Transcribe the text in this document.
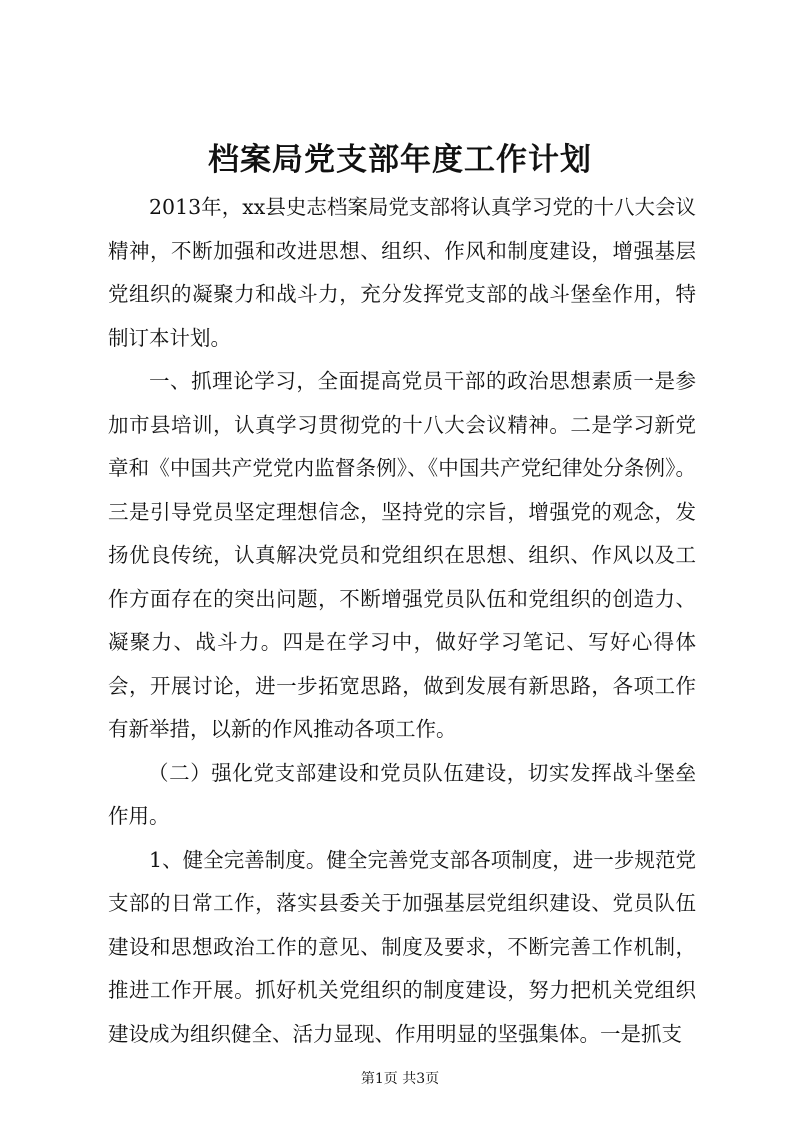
档案局党支部年度工作计划

2013年，xx县史志档案局党支部将认真学习党的十八大会议精神，不断加强和改进思想、组织、作风和制度建设，增强基层党组织的凝聚力和战斗力，充分发挥党支部的战斗堡垒作用，特制订本计划。

一、抓理论学习，全面提高党员干部的政治思想素质一是参加市县培训，认真学习贯彻党的十八大会议精神。二是学习新党章和《中国共产党党内监督条例》、《中国共产党纪律处分条例》。三是引导党员坚定理想信念，坚持党的宗旨，增强党的观念，发扬优良传统，认真解决党员和党组织在思想、组织、作风以及工作方面存在的突出问题，不断增强党员队伍和党组织的创造力、凝聚力、战斗力。四是在学习中，做好学习笔记、写好心得体会，开展讨论，进一步拓宽思路，做到发展有新思路，各项工作有新举措，以新的作风推动各项工作。

（二）强化党支部建设和党员队伍建设，切实发挥战斗堡垒作用。

1、健全完善制度。健全完善党支部各项制度，进一步规范党支部的日常工作，落实县委关于加强基层党组织建设、党员队伍建设和思想政治工作的意见、制度及要求，不断完善工作机制，推进工作开展。抓好机关党组织的制度建设，努力把机关党组织建设成为组织健全、活力显现、作用明显的坚强集体。一是抓支

第1页 共3页
